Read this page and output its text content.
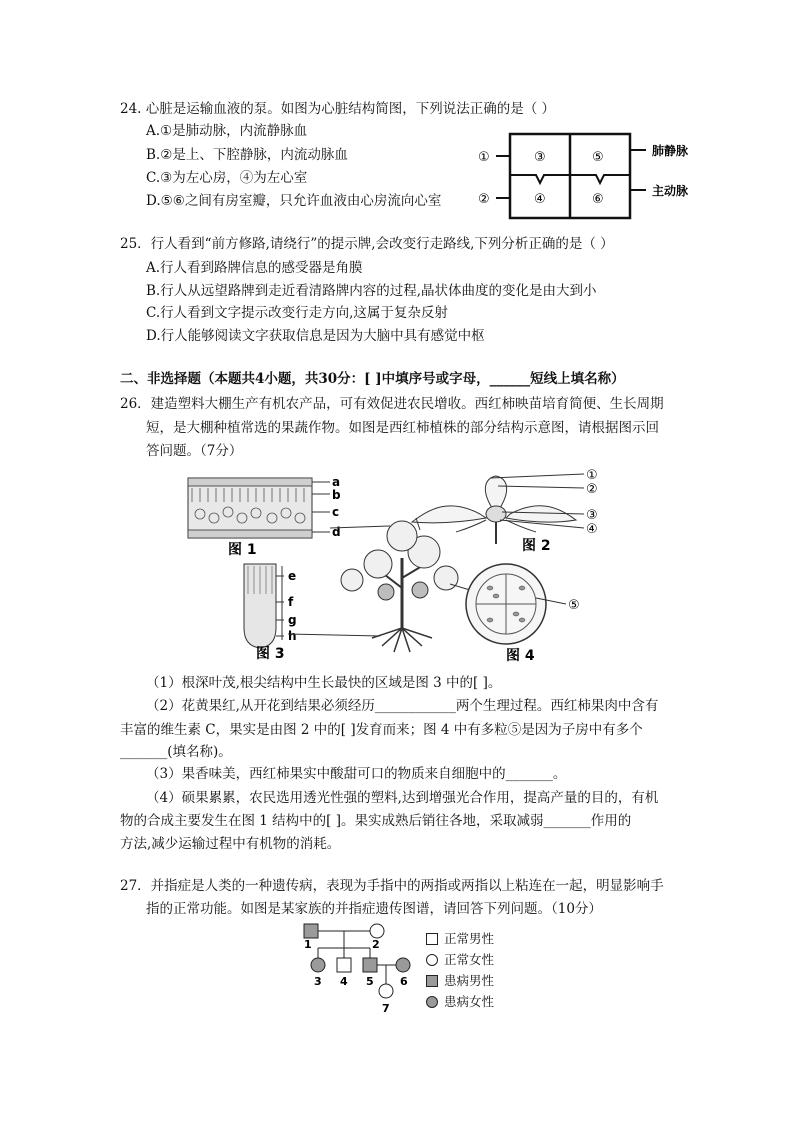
24. 心脏是运输血液的泵。如图为心脏结构简图，下列说法正确的是（ ）
A.①是肺动脉，内流静脉血
B.②是上、下腔静脉，内流动脉血
C.③为左心房，④为左心室
D.⑤⑥之间有房室瓣，只允许血液由心房流向心室
①
②
③	⑤
④	⑥
肺静脉
主动脉
25．行人看到“前方修路,请绕行”的提示牌,会改变行走路线,下列分析正确的是（ ）
A.行人看到路牌信息的感受器是角膜
B.行人从远望路牌到走近看清路牌内容的过程,晶状体曲度的变化是由大到小
C.行人看到文字提示改变行走方向,这属于复杂反射
D.行人能够阅读文字获取信息是因为大脑中具有感觉中枢
二、非选择题（本题共4小题，共30分：[ ]中填序号或字母，______短线上填名称）
26．建造塑料大棚生产有机农产品，可有效促进农民增收。西红柿映苗培育简便、生长周期
短，是大棚种植常选的果蔬作物。如图是西红柿植株的部分结构示意图，请根据图示回
答问题。（7分）
a
b
c
d
图 1
①
②
③
④
图 2
e
f
g
h
图 3
⑤
图 4
（1）根深叶茂,根尖结构中生长最快的区域是图 3 中的[ ]。
（2）花黄果红,从开花到结果必须经历____________两个生理过程。西红柿果肉中含有
丰富的维生素 C，果实是由图 2 中的[ ]发育而来；图 4 中有多粒⑤是因为子房中有多个
_______(填名称)。
（3）果香味美，西红柿果实中酸甜可口的物质来自细胞中的_______。
（4）硕果累累，农民选用透光性强的塑料,达到增强光合作用，提高产量的目的，有机
物的合成主要发生在图 1 结构中的[ ]。果实成熟后销往各地，采取减弱_______作用的
方法,减少运输过程中有机物的消耗。
27．并指症是人类的一种遗传病，表现为手指中的两指或两指以上粘连在一起，明显影响手
指的正常功能。如图是某家族的并指症遗传图谱，请回答下列问题。（10分）
1	2
3 4 5 6
7
正常男性
正常女性
患病男性
患病女性
